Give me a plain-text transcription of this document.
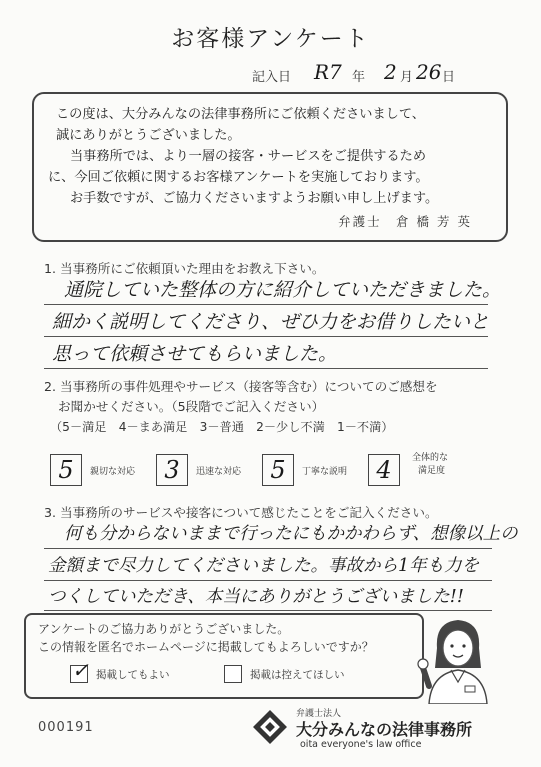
お客様アンケート
記入日 R7 年 2 月 26 日
この度は、大分みんなの法律事務所にご依頼くださいまして、
誠にありがとうございました。
当事務所では、より一層の接客・サービスをご提供するため
に、今回ご依頼に関するお客様アンケートを実施しております。
お手数ですが、ご協力くださいますようお願い申し上げます。
弁護士　倉 橋 芳 英
1. 当事務所にご依頼頂いた理由をお教え下さい。
通院していた整体の方に紹介していただきました。
細かく説明してくださり、ぜひ力をお借りしたいと
思って依頼させてもらいました。
2. 当事務所の事件処理やサービス（接客等含む）についてのご感想を
お聞かせください。（5段階でご記入ください）
（5－満足　4－まあ満足　3－普通　2－少し不満　1－不満）
5	親切な対応	3	迅速な対応	5	丁寧な説明	4	全体的な
満足度
3. 当事務所のサービスや接客について感じたことをご記入ください。
何も分からないままで行ったにもかかわらず、想像以上の
金額まで尽力してくださいました。事故から1年も力を
つくしていただき、本当にありがとうございました!!
アンケートのご協力ありがとうございました。
この情報を匿名でホームページに掲載してもよろしいですか？
✓ 掲載してもよい	掲載は控えてほしい
000191
弁護士法人
大分みんなの法律事務所
oita everyone's law office
